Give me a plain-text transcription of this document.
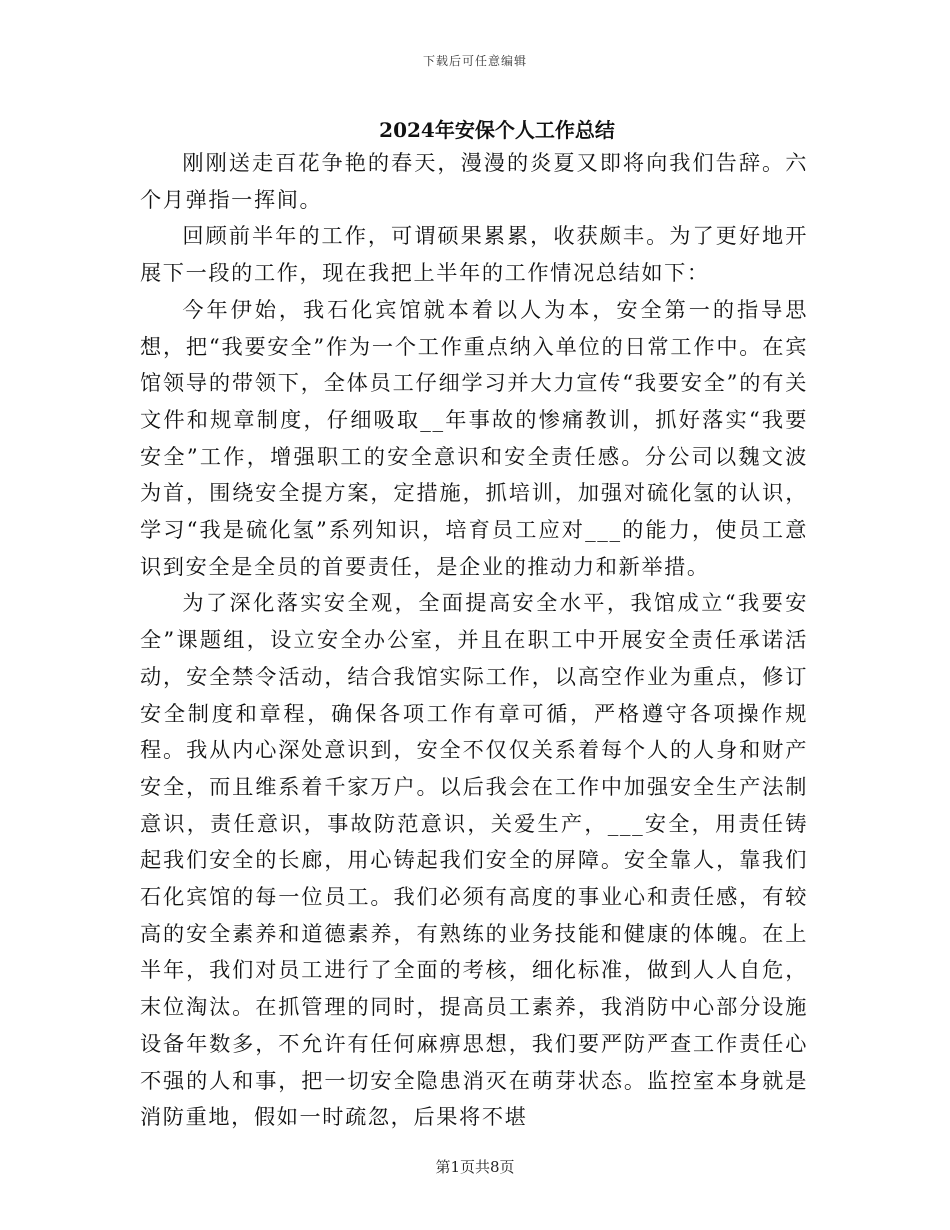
下载后可任意编辑
2024年安保个人工作总结

刚刚送走百花争艳的春天，漫漫的炎夏又即将向我们告辞。六个月弹指一挥间。

回顾前半年的工作，可谓硕果累累，收获颇丰。为了更好地开展下一段的工作，现在我把上半年的工作情况总结如下：

今年伊始，我石化宾馆就本着以人为本，安全第一的指导思想，把“我要安全”作为一个工作重点纳入单位的日常工作中。在宾馆领导的带领下，全体员工仔细学习并大力宣传“我要安全”的有关文件和规章制度，仔细吸取__年事故的惨痛教训，抓好落实“我要安全”工作，增强职工的安全意识和安全责任感。分公司以魏文波为首，围绕安全提方案，定措施，抓培训，加强对硫化氢的认识，学习“我是硫化氢”系列知识，培育员工应对___的能力，使员工意识到安全是全员的首要责任，是企业的推动力和新举措。

为了深化落实安全观，全面提高安全水平，我馆成立“我要安全”课题组，设立安全办公室，并且在职工中开展安全责任承诺活动，安全禁令活动，结合我馆实际工作，以高空作业为重点，修订安全制度和章程，确保各项工作有章可循，严格遵守各项操作规程。我从内心深处意识到，安全不仅仅关系着每个人的人身和财产安全，而且维系着千家万户。以后我会在工作中加强安全生产法制意识，责任意识，事故防范意识，关爱生产，___安全，用责任铸起我们安全的长廊，用心铸起我们安全的屏障。安全靠人，靠我们石化宾馆的每一位员工。我们必须有高度的事业心和责任感，有较高的安全素养和道德素养，有熟练的业务技能和健康的体魄。在上半年，我们对员工进行了全面的考核，细化标准，做到人人自危，末位淘汰。在抓管理的同时，提高员工素养，我消防中心部分设施设备年数多，不允许有任何麻痹思想，我们要严防严查工作责任心不强的人和事，把一切安全隐患消灭在萌芽状态。监控室本身就是消防重地，假如一时疏忽，后果将不堪

第1页共8页
